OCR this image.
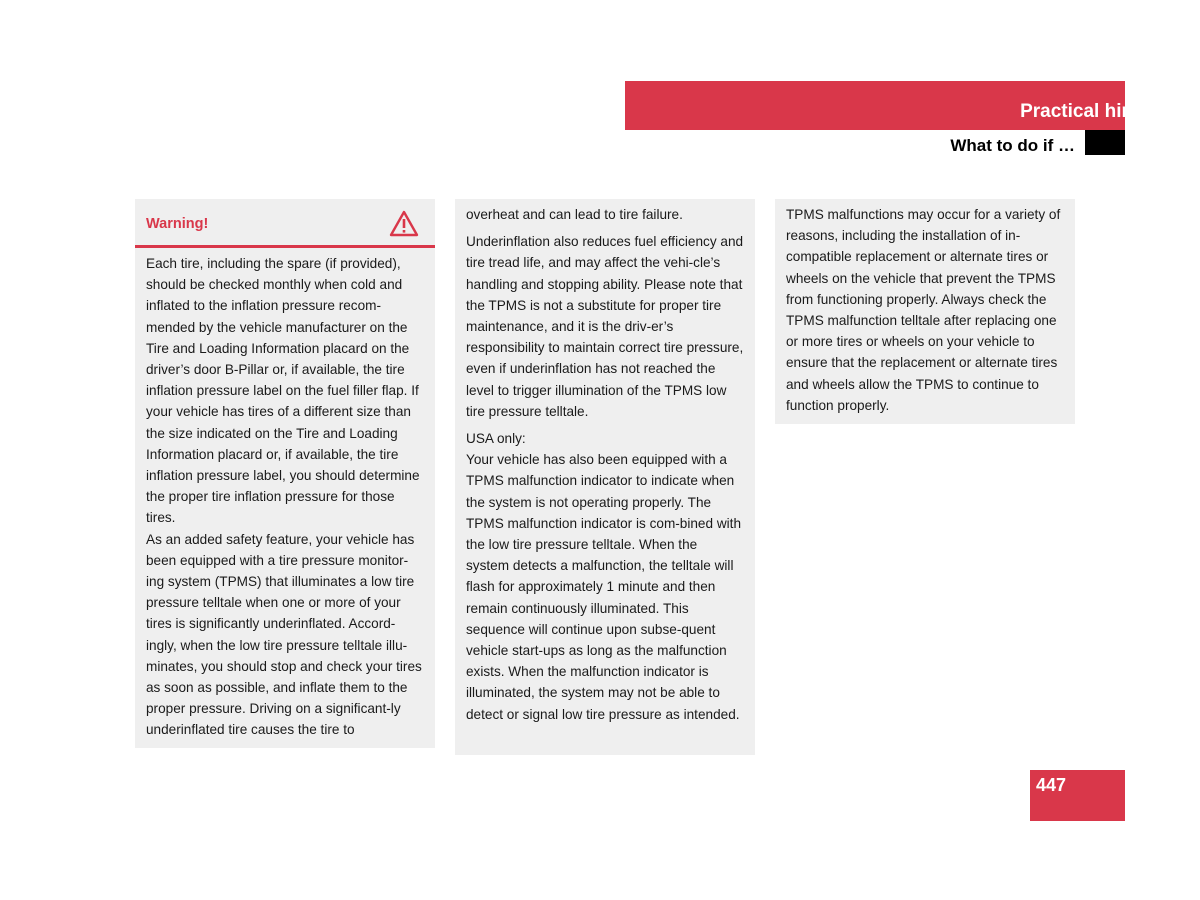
Practical hints
What to do if …
Warning!

Each tire, including the spare (if provided), should be checked monthly when cold and inflated to the inflation pressure recom-mended by the vehicle manufacturer on the Tire and Loading Information placard on the driver’s door B-Pillar or, if available, the tire inflation pressure label on the fuel filler flap. If your vehicle has tires of a different size than the size indicated on the Tire and Loading Information placard or, if available, the tire inflation pressure label, you should determine the proper tire inflation pressure for those tires.

As an added safety feature, your vehicle has been equipped with a tire pressure monitor-ing system (TPMS) that illuminates a low tire pressure telltale when one or more of your tires is significantly underinflated. Accord-ingly, when the low tire pressure telltale illu-minates, you should stop and check your tires as soon as possible, and inflate them to the proper pressure. Driving on a significant-ly underinflated tire causes the tire to

overheat and can lead to tire failure.

Underinflation also reduces fuel efficiency and tire tread life, and may affect the vehi-cle’s handling and stopping ability. Please note that the TPMS is not a substitute for proper tire maintenance, and it is the driv-er’s responsibility to maintain correct tire pressure, even if underinflation has not reached the level to trigger illumination of the TPMS low tire pressure telltale.

USA only:

Your vehicle has also been equipped with a TPMS malfunction indicator to indicate when the system is not operating properly. The TPMS malfunction indicator is com-bined with the low tire pressure telltale. When the system detects a malfunction, the telltale will flash for approximately 1 minute and then remain continuously illuminated. This sequence will continue upon subse-quent vehicle start-ups as long as the malfunction exists. When the malfunction indicator is illuminated, the system may not be able to detect or signal low tire pressure as intended.

TPMS malfunctions may occur for a variety of reasons, including the installation of in-compatible replacement or alternate tires or wheels on the vehicle that prevent the TPMS from functioning properly. Always check the TPMS malfunction telltale after replacing one or more tires or wheels on your vehicle to ensure that the replacement or alternate tires and wheels allow the TPMS to continue to function properly.

447
